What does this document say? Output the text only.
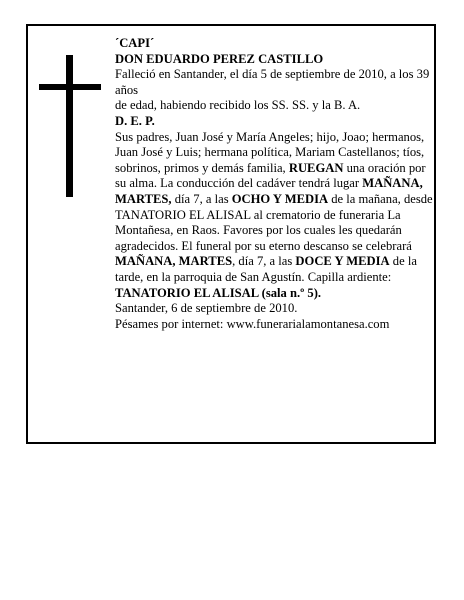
´CAPI´

DON EDUARDO PEREZ CASTILLO

Falleció en Santander, el día 5 de septiembre de 2010, a los 39 años

de edad, habiendo recibido los SS. SS. y la B. A.

D. E. P.

Sus padres, Juan José y María Angeles; hijo, Joao; hermanos, Juan José y Luis; hermana política, Mariam Castellanos; tíos, sobrinos, primos y demás familia, RUEGAN una oración por su alma. La conducción del cadáver tendrá lugar MAÑANA, MARTES, día 7, a las OCHO Y MEDIA de la mañana, desde TANATORIO EL ALISAL al crematorio de funeraria La Montañesa, en Raos. Favores por los cuales les quedarán agradecidos. El funeral por su eterno descanso se celebrará MAÑANA, MARTES, día 7, a las DOCE Y MEDIA de la tarde, en la parroquia de San Agustín. Capilla ardiente: TANATORIO EL ALISAL (sala n.º 5).

Santander, 6 de septiembre de 2010.

Pésames por internet: www.funerarialamontanesa.com
